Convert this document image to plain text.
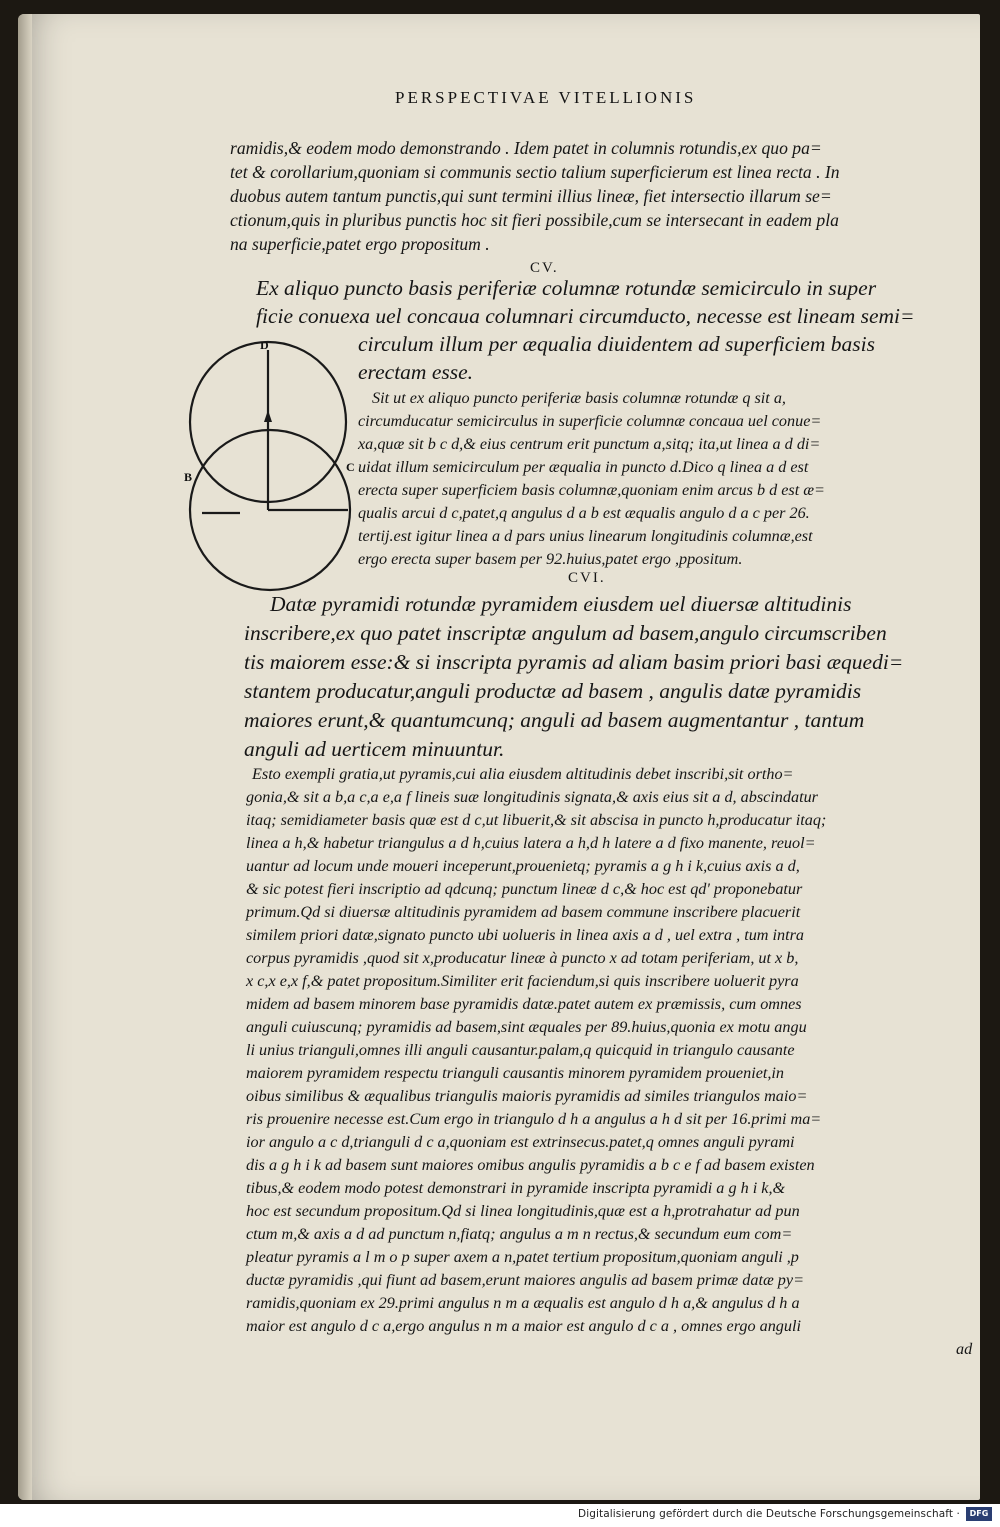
PERSPECTIVAE VITELLIONIS
ramidis,& eodem modo demonstrando . Idem patet in columnis rotundis,ex quo pa=
tet & corollarium,quoniam si communis sectio talium superficierum est linea recta . In
duobus autem tantum punctis,qui sunt termini illius lineæ, fiet intersectio illarum se=
ctionum,quis in pluribus punctis hoc sit fieri possibile,cum se intersecant in eadem pla
na superficie,patet ergo propositum .
CV.
Ex aliquo puncto basis periferiæ columnæ rotundæ semicirculo in super
ficie conuexa uel concaua columnari circumducto, necesse est lineam semi=
circulum illum per æqualia diuidentem ad superficiem basis
erectam esse.
Sit ut ex aliquo puncto periferiæ basis columnæ rotundæ q sit a,
circumducatur semicirculus in superficie columnæ concaua uel conue=
xa,quæ sit b c d,& eius centrum erit punctum a,sitq; ita,ut linea a d di=
uidat illum semicirculum per æqualia in puncto d.Dico q linea a d est
erecta super superficiem basis columnæ,quoniam enim arcus b d est æ=
qualis arcui d c,patet,q angulus d a b est æqualis angulo d a c per 26.
tertij.est igitur linea a d pars unius linearum longitudinis columnæ,est
ergo erecta super basem per 92.huius,patet ergo ,ppositum.
CVI.
Datæ pyramidi rotundæ pyramidem eiusdem uel diuersæ altitudinis
inscribere,ex quo patet inscriptæ angulum ad basem,angulo circumscriben
tis maiorem esse:& si inscripta pyramis ad aliam basim priori basi æquedi=
stantem producatur,anguli productæ ad basem , angulis datæ pyramidis
maiores erunt,& quantumcunq; anguli ad basem augmentantur , tantum
anguli ad uerticem minuuntur.
Esto exempli gratia,ut pyramis,cui alia eiusdem altitudinis debet inscribi,sit ortho=
gonia,& sit a b,a c,a e,a f lineis suæ longitudinis signata,& axis eius sit a d, abscindatur
itaq; semidiameter basis quæ est d c,ut libuerit,& sit abscisa in puncto h,producatur itaq;
linea a h,& habetur triangulus a d h,cuius latera a h,d h latere a d fixo manente, reuol=
uantur ad locum unde moueri inceperunt,prouenietq; pyramis a g h i k,cuius axis a d,
& sic potest fieri inscriptio ad qdcunq; punctum lineæ d c,& hoc est qd' proponebatur
primum.Qd si diuersæ altitudinis pyramidem ad basem commune inscribere placuerit
similem priori datæ,signato puncto ubi uolueris in linea axis a d , uel extra , tum intra
corpus pyramidis ,quod sit x,producatur lineæ à puncto x ad totam periferiam, ut x b,
x c,x e,x f,& patet propositum.Similiter erit faciendum,si quis inscribere uoluerit pyra
midem ad basem minorem base pyramidis datæ.patet autem ex præmissis, cum omnes
anguli cuiuscunq; pyramidis ad basem,sint æquales per 89.huius,quonia ex motu angu
li unius trianguli,omnes illi anguli causantur.palam,q quicquid in triangulo causante
maiorem pyramidem respectu trianguli causantis minorem pyramidem proueniet,in
oibus similibus & æqualibus triangulis maioris pyramidis ad similes triangulos maio=
ris prouenire necesse est.Cum ergo in triangulo d h a angulus a h d sit per 16.primi ma=
ior angulo a c d,trianguli d c a,quoniam est extrinsecus.patet,q omnes anguli pyrami
dis a g h i k ad basem sunt maiores omibus angulis pyramidis a b c e f ad basem existen
tibus,& eodem modo potest demonstrari in pyramide inscripta pyramidi a g h i k,&
hoc est secundum propositum.Qd si linea longitudinis,quæ est a h,protrahatur ad pun
ctum m,& axis a d ad punctum n,fiatq; angulus a m n rectus,& secundum eum com=
pleatur pyramis a l m o p super axem a n,patet tertium propositum,quoniam anguli ,p
ductæ pyramidis ,qui fiunt ad basem,erunt maiores angulis ad basem primæ datæ py=
ramidis,quoniam ex 29.primi angulus n m a æqualis est angulo d h a,& angulus d h a
maior est angulo d c a,ergo angulus n m a maior est angulo d c a , omnes ergo anguli
ad
D
B
C
Digitalisierung gefördert durch die Deutsche Forschungsgemeinschaft ·	DFG
